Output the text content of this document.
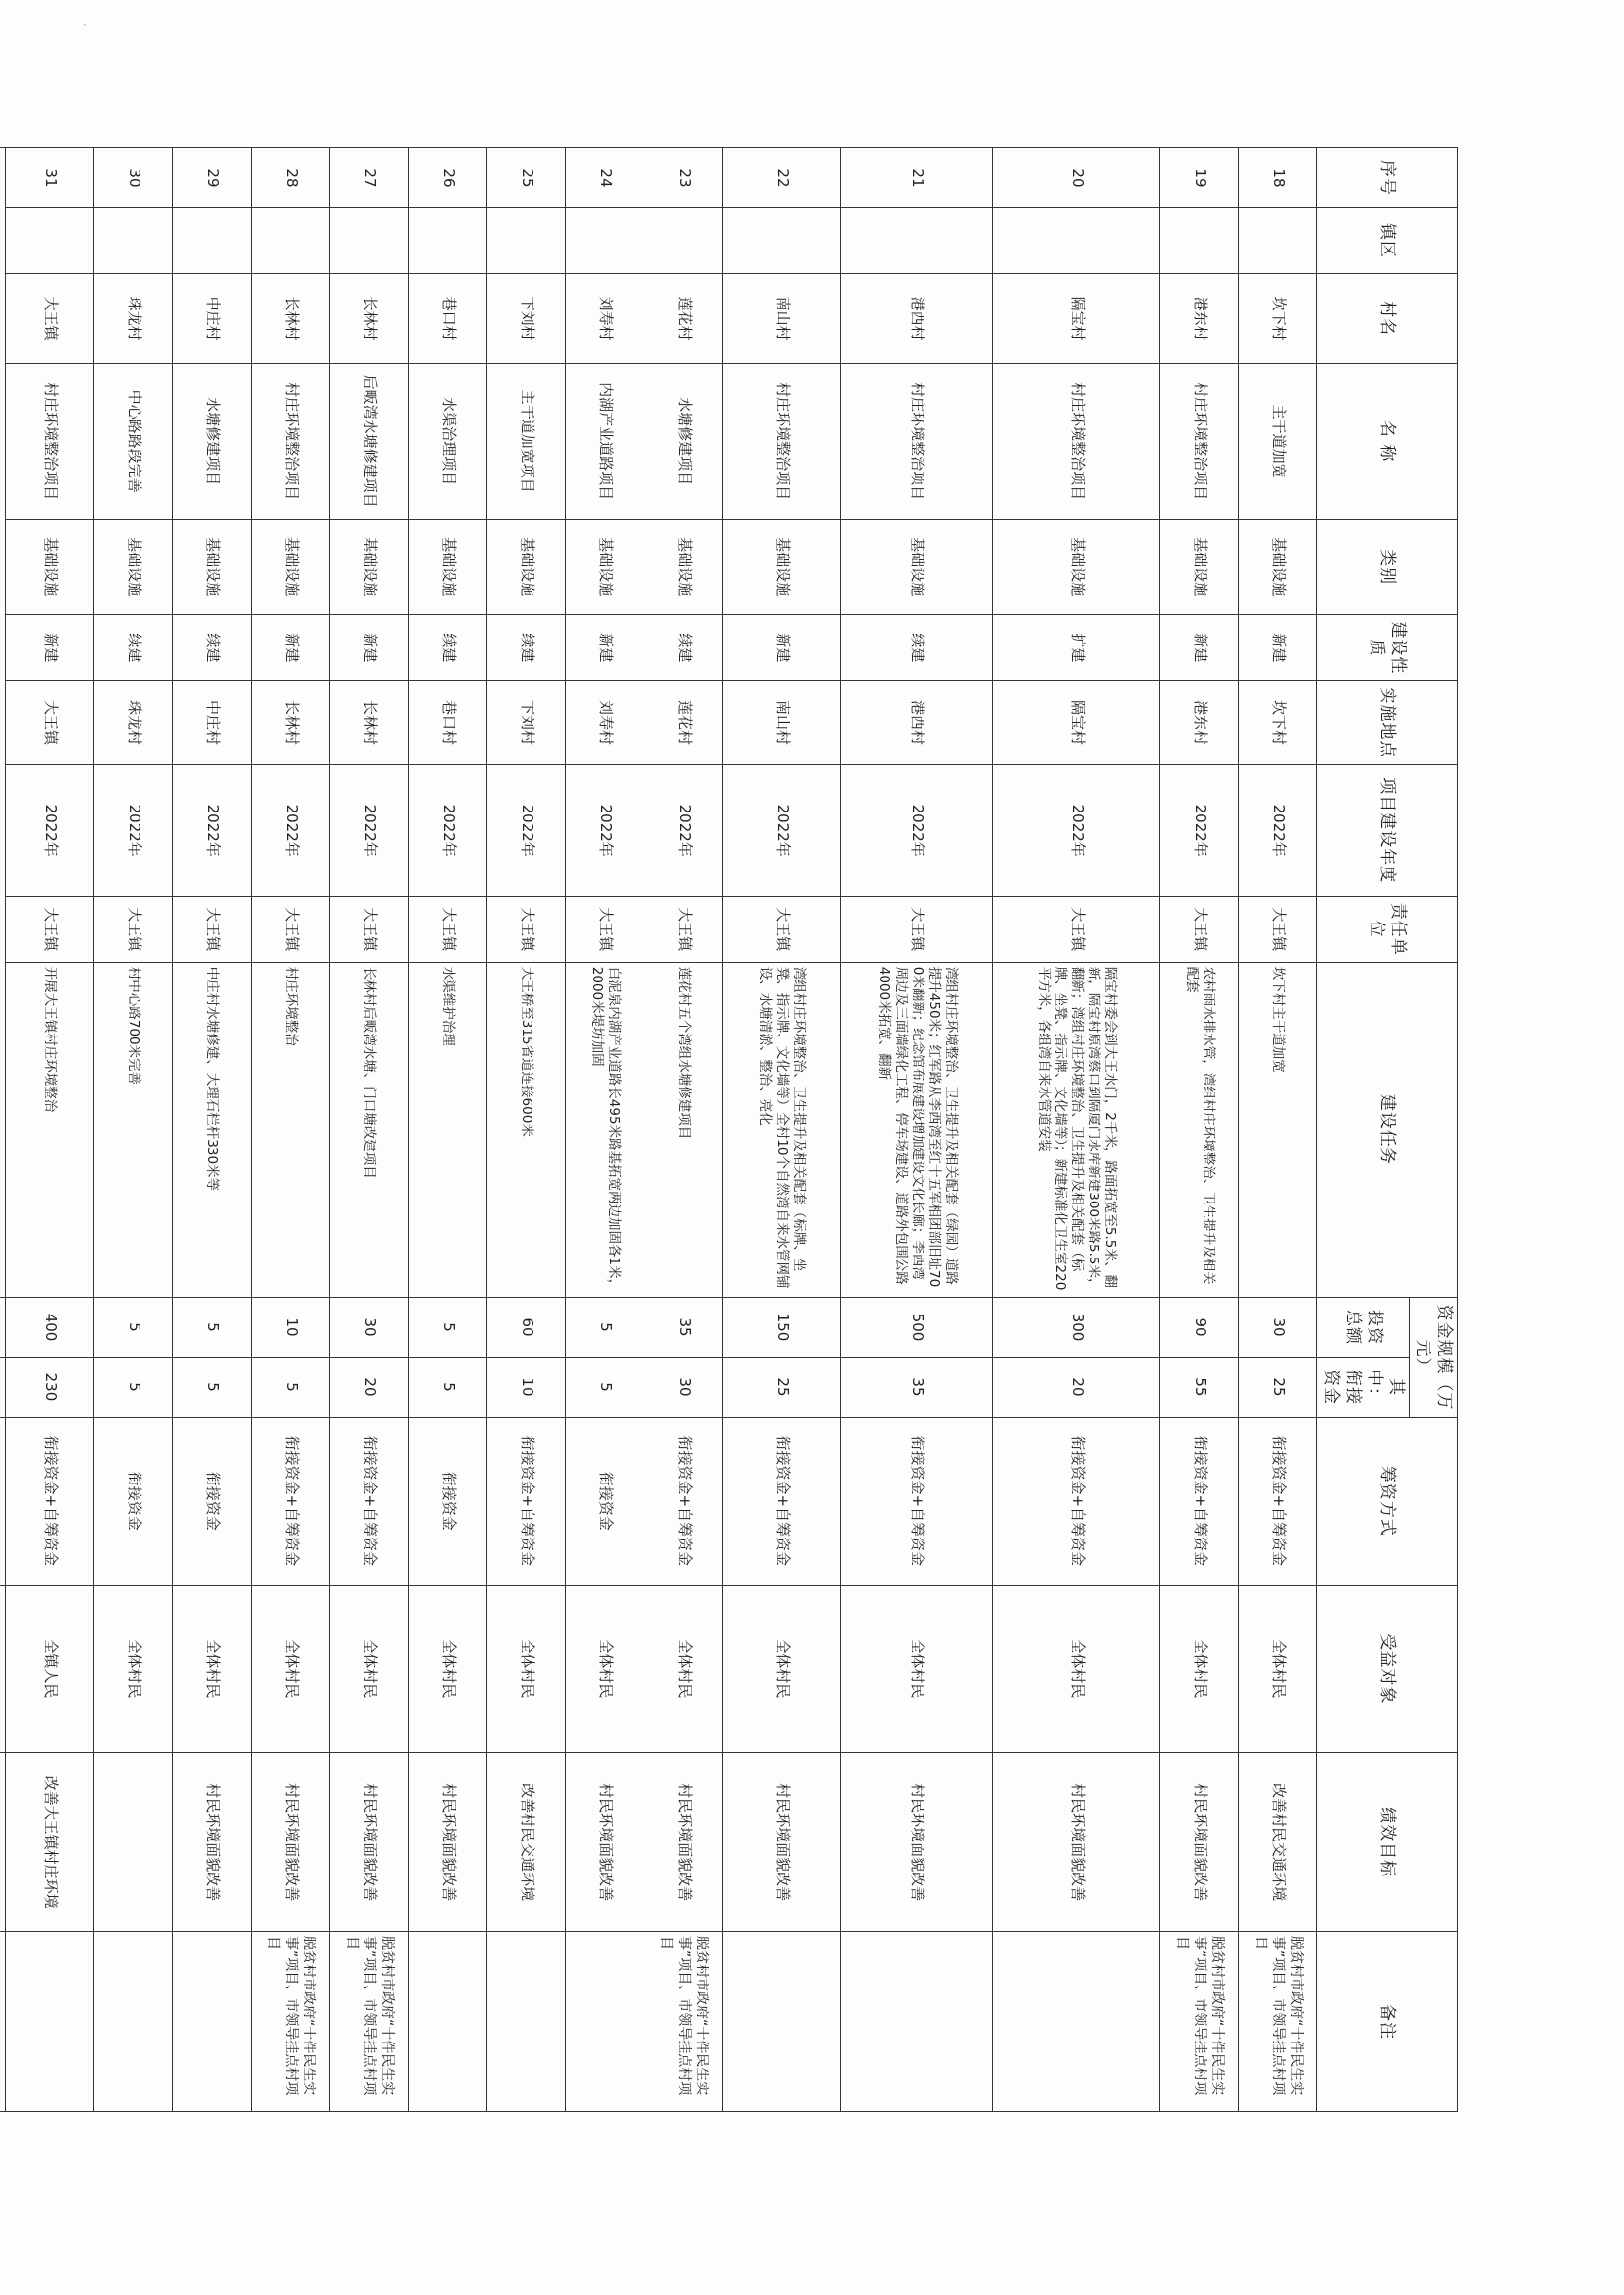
序号	镇区	村名	名 称	类别	建设性质	实施地点	项目建设年度	责任单位	建设任务	资金规模（万元）		筹资方式	受益对象	绩效目标	备注
										投资总额	其中：衔接资金				
18		坎下村	主干道加宽	基础设施	新建	坎下村	2022年	大王镇	坎下村主干道加宽	30	25	衔接资金+自筹资金	全体村民	改善村民交通环境	脱贫村市政府“十件民生实事”项目、市领导挂点村项目
19		港东村	村庄环境整治项目	基础设施	新建	港东村	2022年	大王镇	农村雨水排水管，湾组村庄环境整治、卫生提升及相关配套	90	55	衔接资金+自筹资金	全体村民	村民环境面貌改善	脱贫村市政府“十件民生实事”项目、市领导挂点村项目
20		隔宝村	村庄环境整治项目	基础设施	扩建	隔宝村	2022年	大王镇	隔宝村委会到大王水门，2千米，路面拓宽至5.5米、翻新，隔宝村原湾蔡口到隔厦门水库新建300米路5.5米，翻新；湾组村庄环境整治、卫生提升及相关配套（标牌、坐凳、指示牌、文化墙等）；新建标准化卫生室220平方米，各组湾自来水管道安装	300	20	衔接资金+自筹资金	全体村民	村民环境面貌改善	
21		港西村	村庄环境整治项目	基础设施	续建	港西村	2022年	大王镇	湾组村庄环境整治、卫生提升及相关配套（绿园）道路提升450米；红军路从李西湾至红十五军相团部旧址700米翻新；纪念馆布展建设增加建设文化长廊；李西湾周边及三面墙绿化工程、停车场建设、道路外包围公路4000米拓宽、翻新	500	35	衔接资金+自筹资金	全体村民	村民环境面貌改善	
22		南山村	村庄环境整治项目	基础设施	新建	南山村	2022年	大王镇	湾组村庄环境整治、卫生提升及相关配套（标牌、坐凳、指示牌、文化墙等）全村10个自然湾自来水管网铺设、水塘清淤、整治、亮化	150	25	衔接资金+自筹资金	全体村民	村民环境面貌改善	
23		莲花村	水塘修建项目	基础设施	续建	莲花村	2022年	大王镇	莲花村五个湾组水塘修建项目	35	30	衔接资金+自筹资金	全体村民	村民环境面貌改善	脱贫村市政府“十件民生实事”项目、市领导挂点村项目
24		刘寿村	内湖产业道路项目	基础设施	新建	刘寿村	2022年	大王镇	白泥泉内湖产业道路长495米路基拓宽两边加固各1米，2000米堤坊加固	5	5	衔接资金	全体村民	村民环境面貌改善	
25		下刘村	主干道加宽项目	基础设施	续建	下刘村	2022年	大王镇	大王桥至315省道连接600米	60	10	衔接资金+自筹资金	全体村民	改善村民交通环境	
26		巷口村	水渠治理项目	基础设施	续建	巷口村	2022年	大王镇	水渠维护治理	5	5	衔接资金	全体村民	村民环境面貌改善	
27		长林村	后畈湾水塘修建项目	基础设施	新建	长林村	2022年	大王镇	长林村后畈湾水塘、门口塘改建项目	30	20	衔接资金+自筹资金	全体村民	村民环境面貌改善	脱贫村市政府“十件民生实事”项目、市领导挂点村项目
28		长林村	村庄环境整治项目	基础设施	新建	长林村	2022年	大王镇	村庄环境整治	10	5	衔接资金+自筹资金	全体村民	村民环境面貌改善	脱贫村市政府“十件民生实事”项目、市领导挂点村项目
29		中庄村	水塘修建项目	基础设施	续建	中庄村	2022年	大王镇	中庄村水塘修建、大理石栏杆330米等	5	5	衔接资金	全体村民	村民环境面貌改善	
30		珠龙村	中心路路段完善	基础设施	续建	珠龙村	2022年	大王镇	村中心路700米完善	5	5	衔接资金	全体村民		
31		大王镇	村庄环境整治项目	基础设施	新建	大王镇	2022年	大王镇	开展大王镇村庄环境整治	400	230	衔接资金+自筹资金	全镇人民	改善大王镇村庄环境	

ᐧ
